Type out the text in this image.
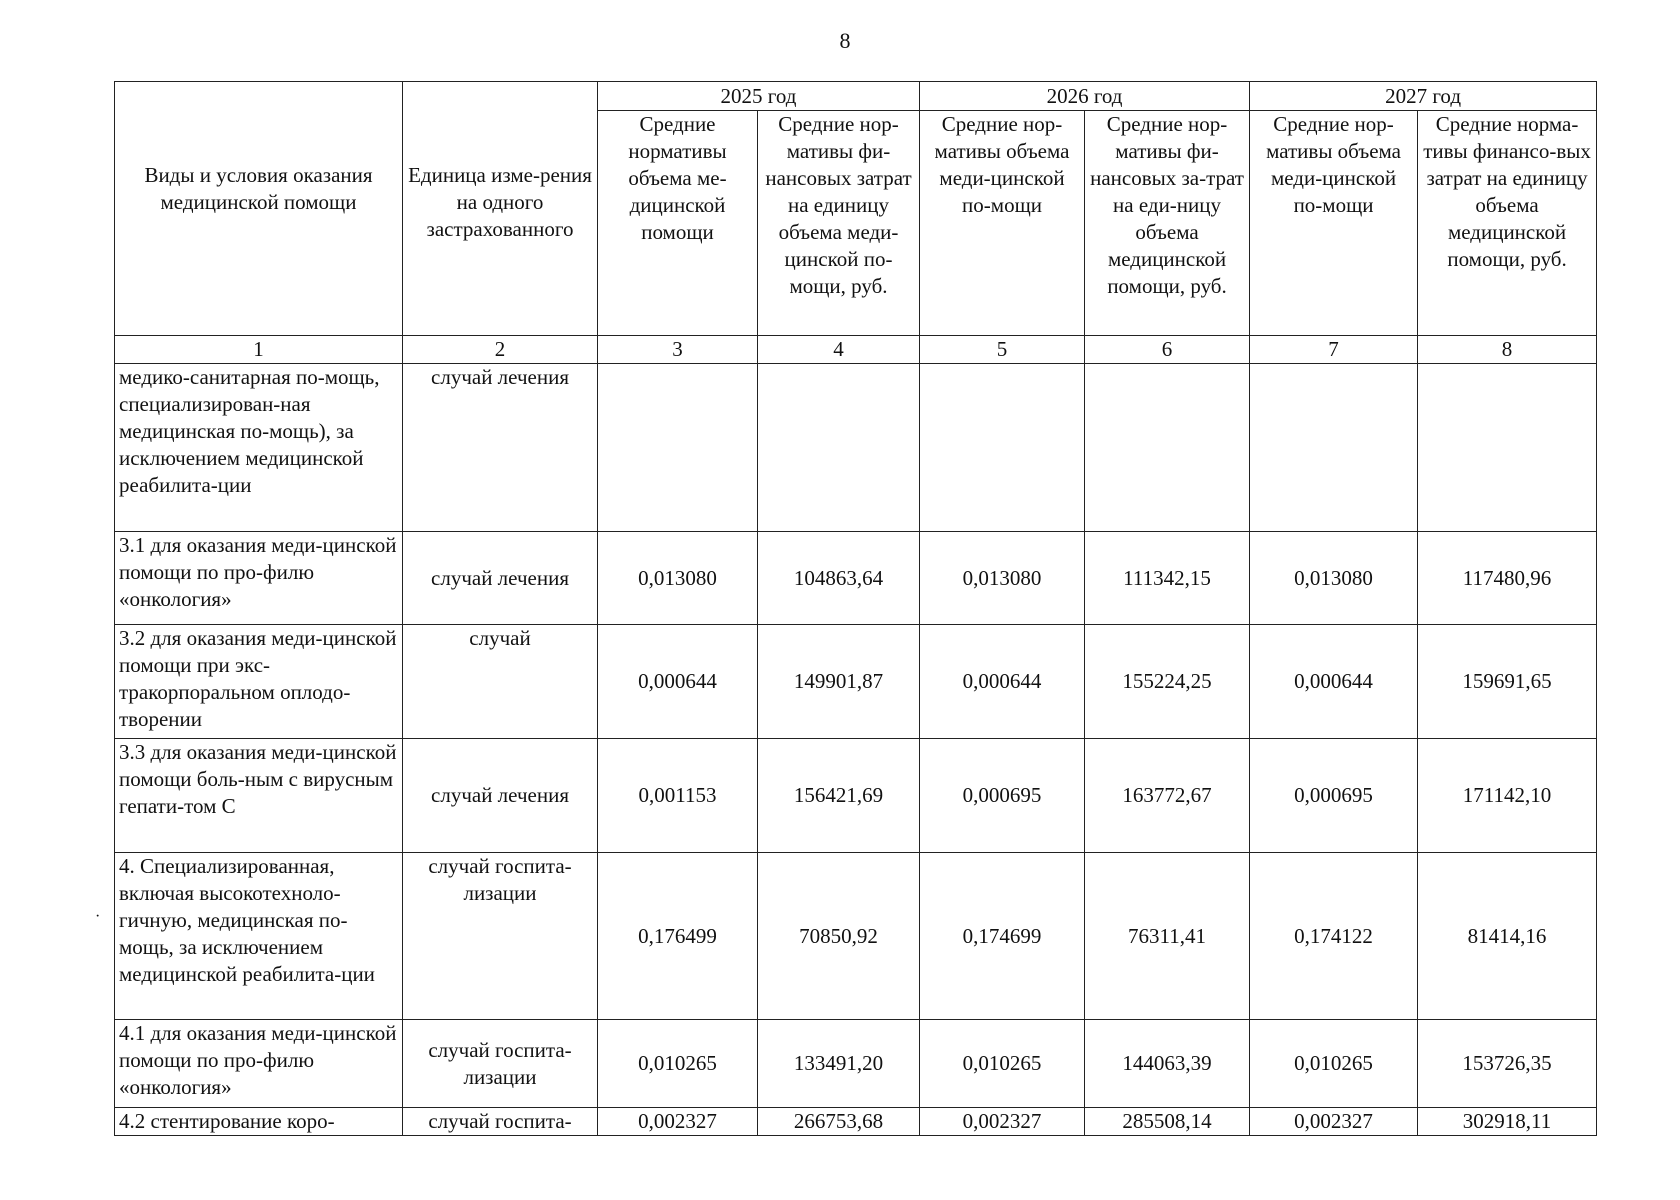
8
·
Виды и условия оказания медицинской помощи	Единица изме-рения на одного застрахованного	2025 год		2026 год		2027 год	
		Средние нормативы объема ме-дицинской помощи	Средние нор-мативы фи-нансовых затрат на единицу объема меди-цинской по-мощи, руб.	Средние нор-мативы объема меди-цинской по-мощи	Средние нор-мативы фи-нансовых за-трат на еди-ницу объема медицинской помощи, руб.	Средние нор-мативы объема меди-цинской по-мощи	Средние норма-тивы финансо-вых затрат на единицу объема медицинской помощи, руб.
1	2	3	4	5	6	7	8
медико-санитарная по-мощь, специализирован-ная медицинская по-мощь), за исключением медицинской реабилита-ции	случай лечения						
3.1 для оказания меди-цинской помощи по про-филю «онкология»	случай лечения	0,013080	104863,64	0,013080	111342,15	0,013080	117480,96
3.2 для оказания меди-цинской помощи при экс-тракорпоральном оплодо-творении	случай	0,000644	149901,87	0,000644	155224,25	0,000644	159691,65
3.3 для оказания меди-цинской помощи боль-ным с вирусным гепати-том С	случай лечения	0,001153	156421,69	0,000695	163772,67	0,000695	171142,10
4. Специализированная, включая высокотехноло-гичную, медицинская по-мощь, за исключением медицинской реабилита-ции	случай госпита-лизации	0,176499	70850,92	0,174699	76311,41	0,174122	81414,16
4.1 для оказания меди-цинской помощи по про-филю «онкология»	случай госпита-лизации	0,010265	133491,20	0,010265	144063,39	0,010265	153726,35
4.2 стентирование коро-	случай госпита-	0,002327	266753,68	0,002327	285508,14	0,002327	302918,11
